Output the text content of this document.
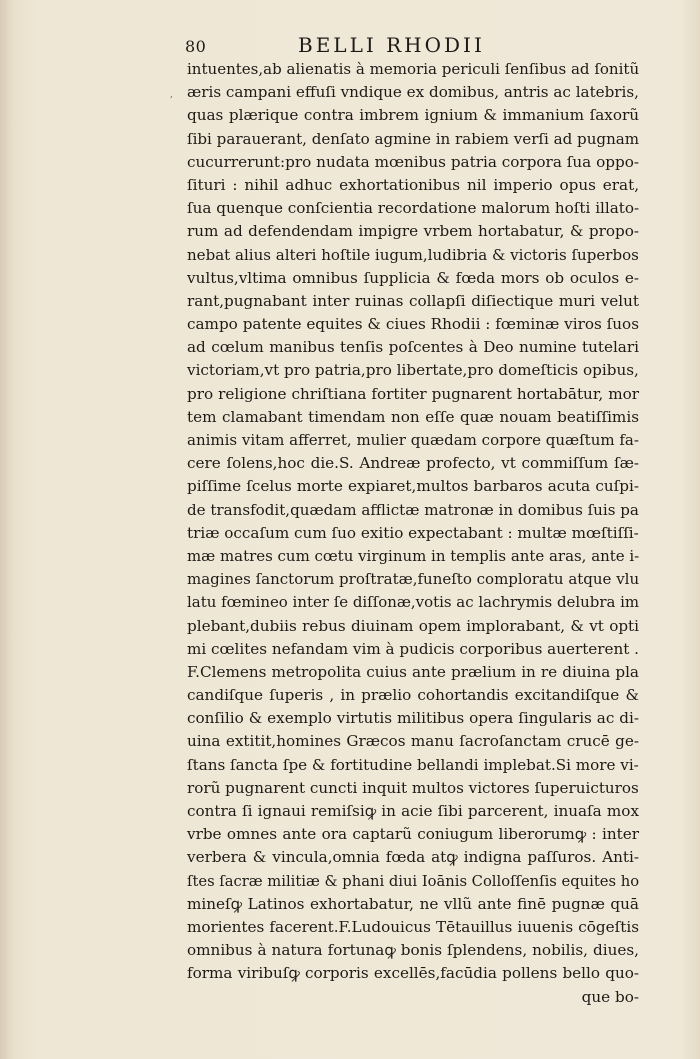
80	BELLI RHODII
,
intuentes,ab alienatis à memoria periculi ſenſibus ad ſonitũ
æris campani effuſi vndique ex domibus, antris ac latebris,
quas plærique contra imbrem ignium & immanium ſaxorũ
ſibi parauerant, denſato agmine in rabiem verſi ad pugnam
cucurrerunt:pro nudata mœnibus patria corpora ſua oppo-
ſituri : nihil adhuc exhortationibus nil imperio opus erat,
ſua quenque conſcientia recordatione malorum hoſti illato-
rum ad defendendam impigre vrbem hortabatur, & propo-
nebat alius alteri hoſtile iugum,ludibria & victoris ſuperbos
vultus,vltima omnibus ſupplicia & fœda mors ob oculos e-
rant,pugnabant inter ruinas collapſi diſiectique muri velut
campo patente equites & ciues Rhodii : fœminæ viros ſuos
ad cœlum manibus tenſis poſcentes à Deo numine tutelari
victoriam,vt pro patria,pro libertate,pro domeſticis opibus,
pro religione chriſtiana fortiter pugnarent hortabātur, mor
tem clamabant timendam non eſſe quæ nouam beatiſſimis
animis vitam afferret, mulier quædam corpore quæſtum fa-
cere ſolens,hoc die.S. Andreæ profecto, vt commiſſum ſæ-
piſſime ſcelus morte expiaret,multos barbaros acuta cuſpi-
de transfodit,quædam afflictæ matronæ in domibus ſuis pa
triæ occaſum cum ſuo exitio expectabant : multæ mœſtiſſi-
mæ matres cum cœtu virginum in templis ante aras, ante i-
magines ſanctorum proſtratæ,funeſto comploratu atque vlu
latu fœmineo inter ſe diſſonæ,votis ac lachrymis delubra im
plebant,dubiis rebus diuinam opem implorabant, & vt opti
mi cœlites nefandam vim à pudicis corporibus auerterent .
F.Clemens metropolita cuius ante prælium in re diuina pla
candiſque ſuperis , in prælio cohortandis excitandiſque &
conſilio & exemplo virtutis militibus opera ſingularis ac di-
uina extitit,homines Græcos manu ſacroſanctam crucē ge-
ſtans ſancta ſpe & fortitudine bellandi implebat.Si more vi-
rorũ pugnarent cuncti inquit multos victores ſuperuicturos
contra ſi ignaui remiſsiꝙ in acie ſibi parcerent, inuaſa mox
vrbe omnes ante ora captarũ coniugum liberorumꝙ : inter
verbera & vincula,omnia fœda atꝙ indigna paſſuros. Anti-
ſtes ſacræ militiæ & phani diui Ioānis Colloſſenſis equites ho
mineſꝙ Latinos exhortabatur, ne vllũ ante finē pugnæ quā
morientes facerent.F.Ludouicus Tētauillus iuuenis cōgeſtis
omnibus à natura fortunaꝙ bonis ſplendens, nobilis, diues,
forma viribuſꝙ corporis excellēs,facūdia pollens bello quo-
que bo-
